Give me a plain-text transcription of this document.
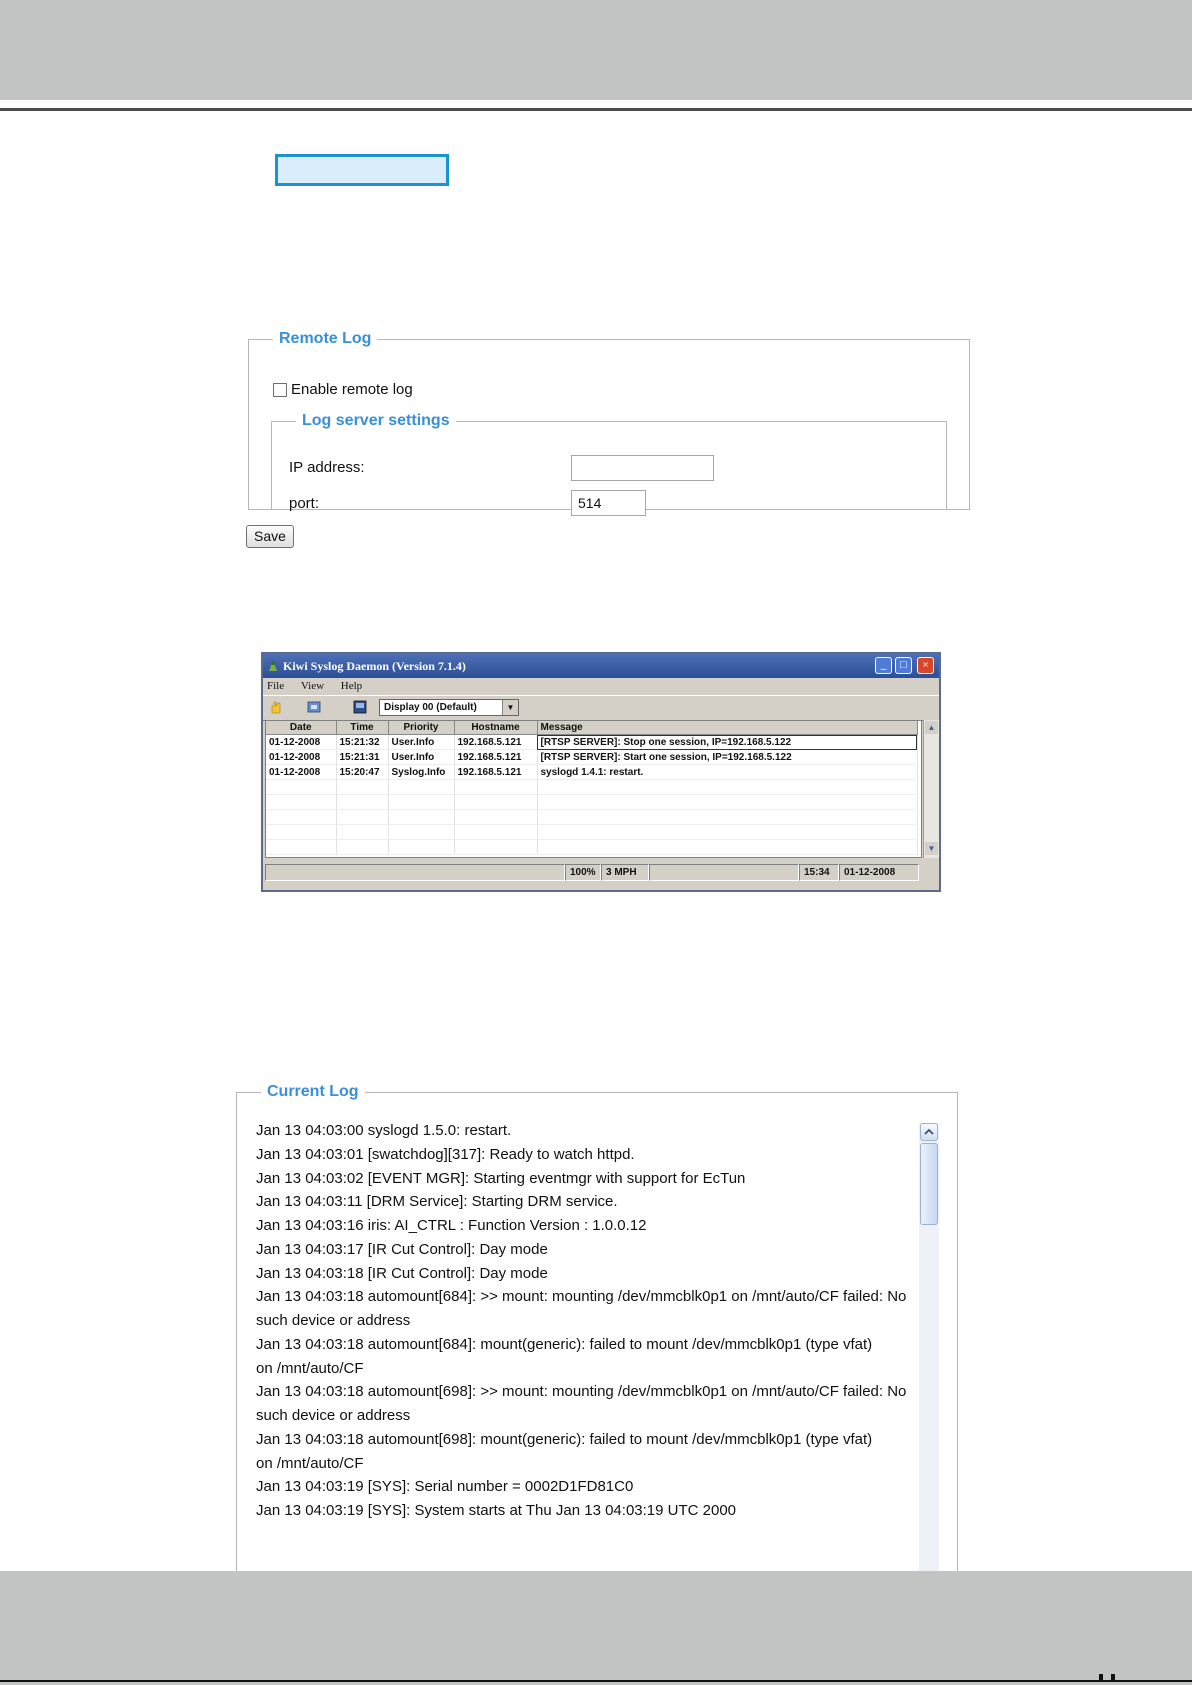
Remote Log
Enable remote log
Log server settings
IP address:
port:	514
Save
Kiwi Syslog Daemon (Version 7.1.4)	_	□	×
File View Help
Display 00 (Default)	▼
Date	Time	Priority	Hostname	Message
01-12-2008	15:21:32	User.Info	192.168.5.121	[RTSP SERVER]: Stop one session, IP=192.168.5.122
01-12-2008	15:21:31	User.Info	192.168.5.121	[RTSP SERVER]: Start one session, IP=192.168.5.122
01-12-2008	15:20:47	Syslog.Info	192.168.5.121	syslogd 1.4.1: restart.

▲
▼
100%	3 MPH	15:34	01-12-2008
Current Log
Jan 13 04:03:00 syslogd 1.5.0: restart.
Jan 13 04:03:01 [swatchdog][317]: Ready to watch httpd.
Jan 13 04:03:02 [EVENT MGR]: Starting eventmgr with support for EcTun
Jan 13 04:03:11 [DRM Service]: Starting DRM service.
Jan 13 04:03:16 iris: AI_CTRL : Function Version : 1.0.0.12
Jan 13 04:03:17 [IR Cut Control]: Day mode
Jan 13 04:03:18 [IR Cut Control]: Day mode
Jan 13 04:03:18 automount[684]: >> mount: mounting /dev/mmcblk0p1 on /mnt/auto/CF failed: No
such device or address
Jan 13 04:03:18 automount[684]: mount(generic): failed to mount /dev/mmcblk0p1 (type vfat)
on /mnt/auto/CF
Jan 13 04:03:18 automount[698]: >> mount: mounting /dev/mmcblk0p1 on /mnt/auto/CF failed: No
such device or address
Jan 13 04:03:18 automount[698]: mount(generic): failed to mount /dev/mmcblk0p1 (type vfat)
on /mnt/auto/CF
Jan 13 04:03:19 [SYS]: Serial number = 0002D1FD81C0
Jan 13 04:03:19 [SYS]: System starts at Thu Jan 13 04:03:19 UTC 2000
